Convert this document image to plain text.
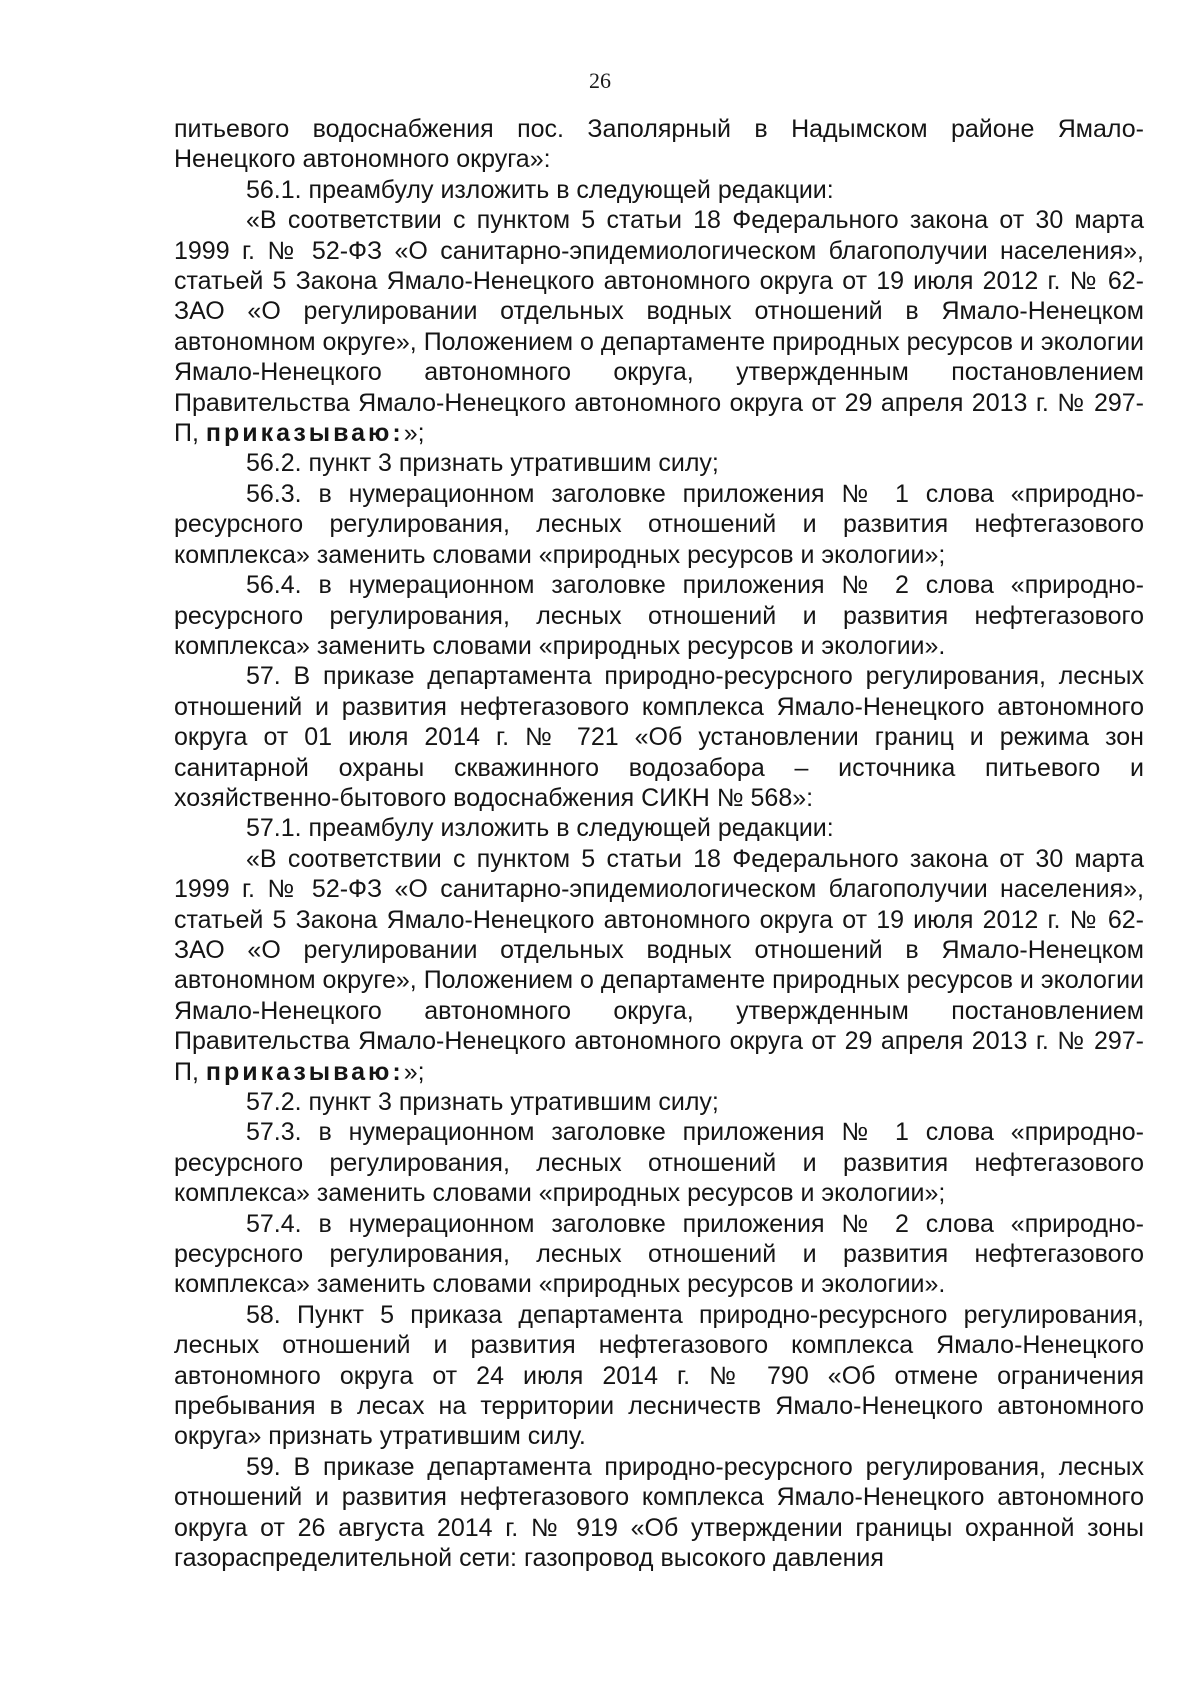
26

питьевого водоснабжения пос. Заполярный в Надымском районе Ямало-Ненецкого автономного округа»:

56.1. преамбулу изложить в следующей редакции:

«В соответствии с пунктом 5 статьи 18 Федерального закона от 30 марта 1999 г. № 52-ФЗ «О санитарно-эпидемиологическом благополучии населения», статьей 5 Закона Ямало-Ненецкого автономного округа от 19 июля 2012 г. № 62-ЗАО «О регулировании отдельных водных отношений в Ямало-Ненецком автономном округе», Положением о департаменте природных ресурсов и экологии Ямало-Ненецкого автономного округа, утвержденным постановлением Правительства Ямало-Ненецкого автономного округа от 29 апреля 2013 г. № 297-П, приказываю:»;

56.2. пункт 3 признать утратившим силу;

56.3. в нумерационном заголовке приложения № 1 слова «природно-ресурсного регулирования, лесных отношений и развития нефтегазового комплекса» заменить словами «природных ресурсов и экологии»;

56.4. в нумерационном заголовке приложения № 2 слова «природно-ресурсного регулирования, лесных отношений и развития нефтегазового комплекса» заменить словами «природных ресурсов и экологии».

57. В приказе департамента природно-ресурсного регулирования, лесных отношений и развития нефтегазового комплекса Ямало-Ненецкого автономного округа от 01 июля 2014 г. № 721 «Об установлении границ и режима зон санитарной охраны скважинного водозабора – источника питьевого и хозяйственно-бытового водоснабжения СИКН № 568»:

57.1. преамбулу изложить в следующей редакции:

«В соответствии с пунктом 5 статьи 18 Федерального закона от 30 марта 1999 г. № 52-ФЗ «О санитарно-эпидемиологическом благополучии населения», статьей 5 Закона Ямало-Ненецкого автономного округа от 19 июля 2012 г. № 62-ЗАО «О регулировании отдельных водных отношений в Ямало-Ненецком автономном округе», Положением о департаменте природных ресурсов и экологии Ямало-Ненецкого автономного округа, утвержденным постановлением Правительства Ямало-Ненецкого автономного округа от 29 апреля 2013 г. № 297-П, приказываю:»;

57.2. пункт 3 признать утратившим силу;

57.3. в нумерационном заголовке приложения № 1 слова «природно-ресурсного регулирования, лесных отношений и развития нефтегазового комплекса» заменить словами «природных ресурсов и экологии»;

57.4. в нумерационном заголовке приложения № 2 слова «природно-ресурсного регулирования, лесных отношений и развития нефтегазового комплекса» заменить словами «природных ресурсов и экологии».

58. Пункт 5 приказа департамента природно-ресурсного регулирования, лесных отношений и развития нефтегазового комплекса Ямало-Ненецкого автономного округа от 24 июля 2014 г. № 790 «Об отмене ограничения пребывания в лесах на территории лесничеств Ямало-Ненецкого автономного округа» признать утратившим силу.

59. В приказе департамента природно-ресурсного регулирования, лесных отношений и развития нефтегазового комплекса Ямало-Ненецкого автономного округа от 26 августа 2014 г. № 919 «Об утверждении границы охранной зоны газораспределительной сети: газопровод высокого давления
